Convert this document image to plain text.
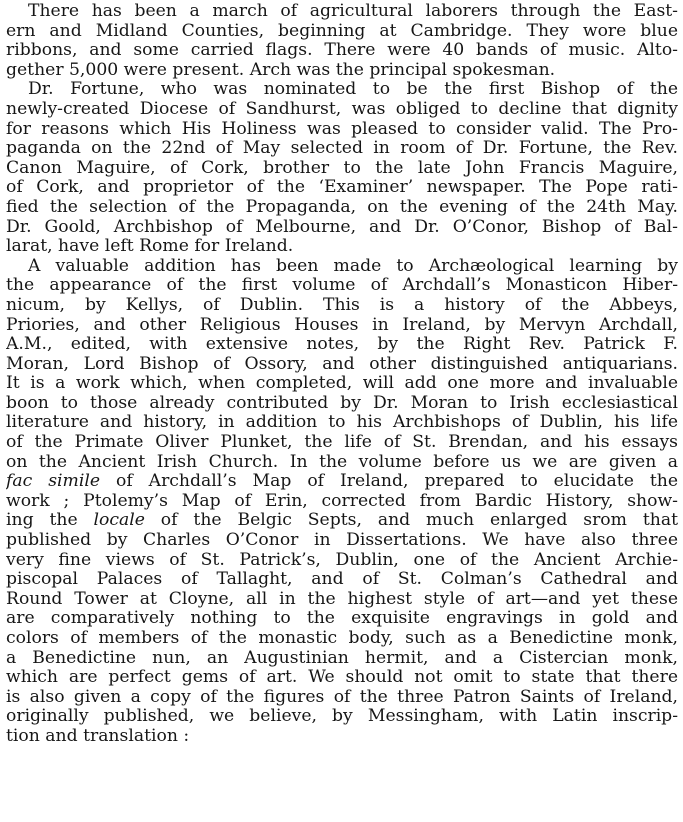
There has been a march of agricultural laborers through the East-
ern and Midland Counties, beginning at Cambridge. They wore blue
ribbons, and some carried flags. There were 40 bands of music. Alto-
gether 5,000 were present. Arch was the principal spokesman.
Dr. Fortune, who was nominated to be the first Bishop of the
newly-created Diocese of Sandhurst, was obliged to decline that dignity
for reasons which His Holiness was pleased to consider valid. The Pro-
paganda on the 22nd of May selected in room of Dr. Fortune, the Rev.
Canon Maguire, of Cork, brother to the late John Francis Maguire,
of Cork, and proprietor of the ‘Examiner’ newspaper. The Pope rati-
fied the selection of the Propaganda, on the evening of the 24th May.
Dr. Goold, Archbishop of Melbourne, and Dr. O’Conor, Bishop of Bal-
larat, have left Rome for Ireland.
A valuable addition has been made to Archæological learning by
the appearance of the first volume of Archdall’s Monasticon Hiber-
nicum, by Kellys, of Dublin. This is a history of the Abbeys,
Priories, and other Religious Houses in Ireland, by Mervyn Archdall,
A.M., edited, with extensive notes, by the Right Rev. Patrick F.
Moran, Lord Bishop of Ossory, and other distinguished antiquarians.
It is a work which, when completed, will add one more and invaluable
boon to those already contributed by Dr. Moran to Irish ecclesiastical
literature and history, in addition to his Archbishops of Dublin, his life
of the Primate Oliver Plunket, the life of St. Brendan, and his essays
on the Ancient Irish Church. In the volume before us we are given a
fac simile of Archdall’s Map of Ireland, prepared to elucidate the
work ; Ptolemy’s Map of Erin, corrected from Bardic History, show-
ing the locale of the Belgic Septs, and much enlarged srom that
published by Charles O’Conor in Dissertations. We have also three
very fine views of St. Patrick’s, Dublin, one of the Ancient Archie-
piscopal Palaces of Tallaght, and of St. Colman’s Cathedral and
Round Tower at Cloyne, all in the highest style of art—and yet these
are comparatively nothing to the exquisite engravings in gold and
colors of members of the monastic body, such as a Benedictine monk,
a Benedictine nun, an Augustinian hermit, and a Cistercian monk,
which are perfect gems of art. We should not omit to state that there
is also given a copy of the figures of the three Patron Saints of Ireland,
originally published, we believe, by Messingham, with Latin inscrip-
tion and translation :
